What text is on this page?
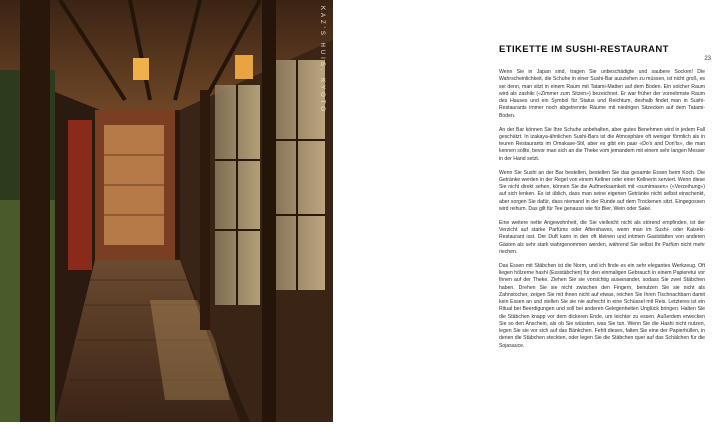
KAZ'S HUIS, KYOTO	23
ETIKETTE IM SUSHI-RESTAURANT

Wenn Sie in Japan sind, tragen Sie unbeschädigte und saubere Socken! Die Wahrscheinlichkeit, die Schuhe in einer Sushi-Bar ausziehen zu müssen, ist nicht groß, es sei denn, man sitzt in einem Raum mit Tatami-Matten auf dem Boden. Ein solcher Raum wird als zashiki («Zimmer zum Sitzen») bezeichnet. Er war früher der vornehmste Raum des Hauses und ein Symbol für Status und Reichtum, deshalb findet man in Sushi-Restaurants immer noch abgetrennte Räume mit niedrigen Sitzecken auf dem Tatami-Boden.

An der Bar können Sie Ihre Schuhe anbehalten, aber gutes Benehmen wird in jedem Fall geschätzt. In izakaya-ähnlichen Sushi-Bars ist die Atmosphäre oft weniger förmlich als in teuren Restaurants im Omakase-Stil, aber es gibt ein paar «Do's and Don'ts», die man kennen sollte, bevor man sich an die Theke vom jemandem mit einem sehr langen Messer in der Hand setzt.

Wenn Sie Sushi an der Bar bestellen, bestellen Sie das gesamte Essen beim Koch. Die Getränke werden in der Regel von einem Kellner oder einer Kellnerin serviert. Wenn diese Sie nicht direkt sehen, können Sie die Aufmerksamkeit mit «sumimasen» («Verzeihung») auf sich lenken. Es ist üblich, dass man seine eigenen Getränke nicht selbst einschenkt, aber sorgen Sie dafür, dass niemand in der Runde auf dem Trockenen sitzt. Eingegossen wird reihum. Das gilt für Tee genauso wie für Bier, Wein oder Sake.

Eine weitere nette Angewohnheit, die Sie vielleicht nicht als störend empfinden, ist der Verzicht auf starke Parfüms oder Aftershaves, wenn man im Sushi- oder Kaiseki-Restaurant isst. Der Duft kann in den oft kleinen und intimen Gaststätten von anderen Gästen als sehr stark wahrgenommen werden, während Sie selbst Ihr Parfüm nicht mehr riechen.

Das Essen mit Stäbchen ist die Norm, und ich finde es ein sehr elegantes Werkzeug. Oft liegen hölzerne hashi (Essstäbchen) für den einmaligen Gebrauch in einem Papieretui vor Ihnen auf der Theke. Ziehen Sie sie vorsichtig auseinander, sodass Sie zwei Stäbchen haben. Drehen Sie sie nicht zwischen den Fingern, benutzen Sie sie nicht als Zahnstocher, zeigen Sie mit ihnen nicht auf etwas, reichen Sie Ihren Tischnachbarn damit kein Essen an und stellen Sie sie nie aufrecht in eine Schüssel mit Reis. Letzteres ist ein Ritual bei Beerdigungen und soll bei anderen Gelegenheiten Unglück bringen. Halten Sie die Stäbchen knapp vor dem dickeren Ende, um leichter zu essen. Außerdem erwecken Sie so den Anschein, als ob Sie wüssten, was Sie tun. Wenn Sie die Hashi nicht nutzen, legen Sie sie vor sich auf das Bänkchen. Fehlt dieses, falten Sie eine der Papierhüllen, in denen die Stäbchen steckten, oder legen Sie die Stäbchen quer auf das Schälchen für die Sojasauce.
